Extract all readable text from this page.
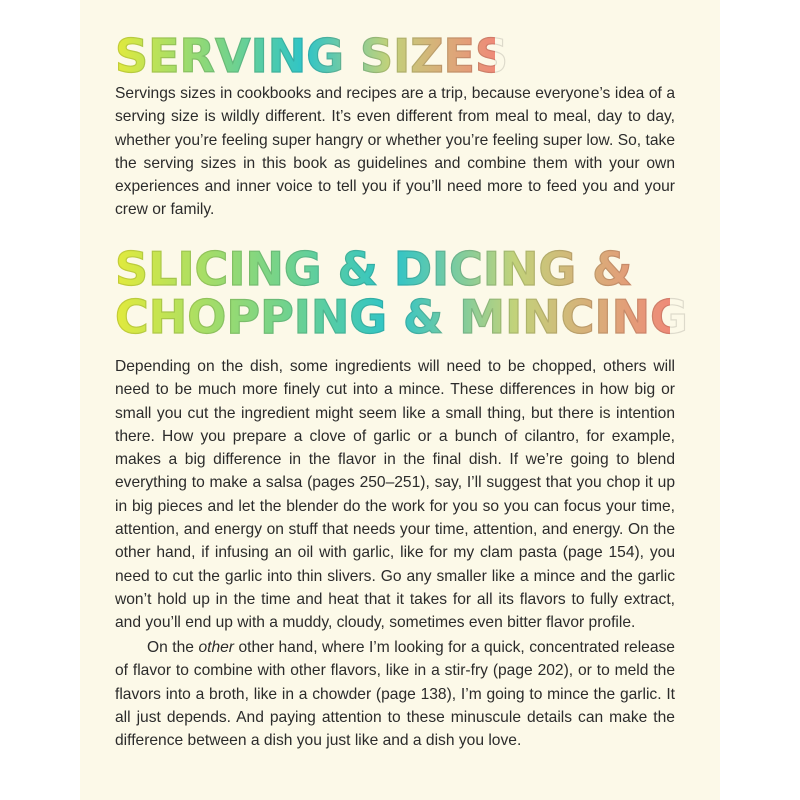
SERVING SIZES

Servings sizes in cookbooks and recipes are a trip, because everyone’s idea of a serving size is wildly different. It’s even different from meal to meal, day to day, whether you’re feeling super hangry or whether you’re feeling super low. So, take the serving sizes in this book as guidelines and combine them with your own experiences and inner voice to tell you if you’ll need more to feed you and your crew or family.

SLICING & DICING &
CHOPPING & MINCING

Depending on the dish, some ingredients will need to be chopped, others will need to be much more finely cut into a mince. These differences in how big or small you cut the ingredient might seem like a small thing, but there is intention there. How you prepare a clove of garlic or a bunch of cilantro, for example, makes a big difference in the flavor in the final dish. If we’re going to blend everything to make a salsa (pages 250–251), say, I’ll suggest that you chop it up in big pieces and let the blender do the work for you so you can focus your time, attention, and energy on stuff that needs your time, attention, and energy. On the other hand, if infusing an oil with garlic, like for my clam pasta (page 154), you need to cut the garlic into thin slivers. Go any smaller like a mince and the garlic won’t hold up in the time and heat that it takes for all its flavors to fully extract, and you’ll end up with a muddy, cloudy, sometimes even bitter flavor profile.

On the other other hand, where I’m looking for a quick, concentrated release of flavor to combine with other flavors, like in a stir-fry (page 202), or to meld the flavors into a broth, like in a chowder (page 138), I’m going to mince the garlic. It all just depends. And paying attention to these minuscule details can make the difference between a dish you just like and a dish you love.
